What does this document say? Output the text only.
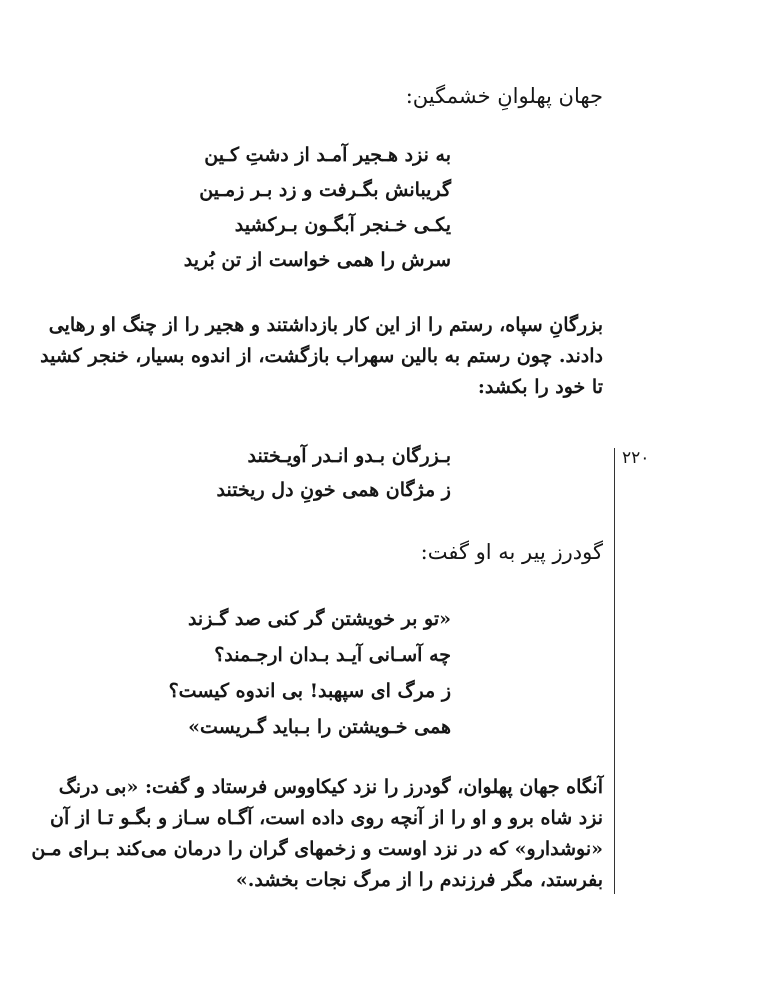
جهان پهلوانِ خشمگین:
به نزد هـجیر آمـد از دشتِ کـین
گریبانش بگـرفت و زد بـر زمـین
یکـی خـنجر آبگـون بـرکشید
سرش را همی خواست از تن بُرید
بزرگانِ سپاه، رستم را از این کار بازداشتند و هجیر را از چنگ او رهایی
دادند. چون رستم به بالین سهراب بازگشت، از اندوه بسیار، خنجر کشید
تا خود را بکشد:
بـزرگان بـدو انـدر آویـختند
ز مژگان همی خونِ دل ریختند
گودرز پیر به او گفت:
«تو بر خویشتن گر کنی صد گـزند
چه آسـانی آیـد بـدان ارجـمند؟
ز مرگ ای سپهبد! بی اندوه کیست؟
همی خـویشتن را بـباید گـریست»
آنگاه جهان پهلوان، گودرز را نزد کیکاووس فرستاد و گفت: «بی درنگ
نزد شاه برو و او را از آنچه روی داده است، آگـاه سـاز و بگـو تـا از آن
«نوشدارو» که در نزد اوست و زخمهای گران را درمان می‌کند بـرای مـن
بفرستد، مگر فرزندم را از مرگ نجات بخشد.»
۲۲۰
